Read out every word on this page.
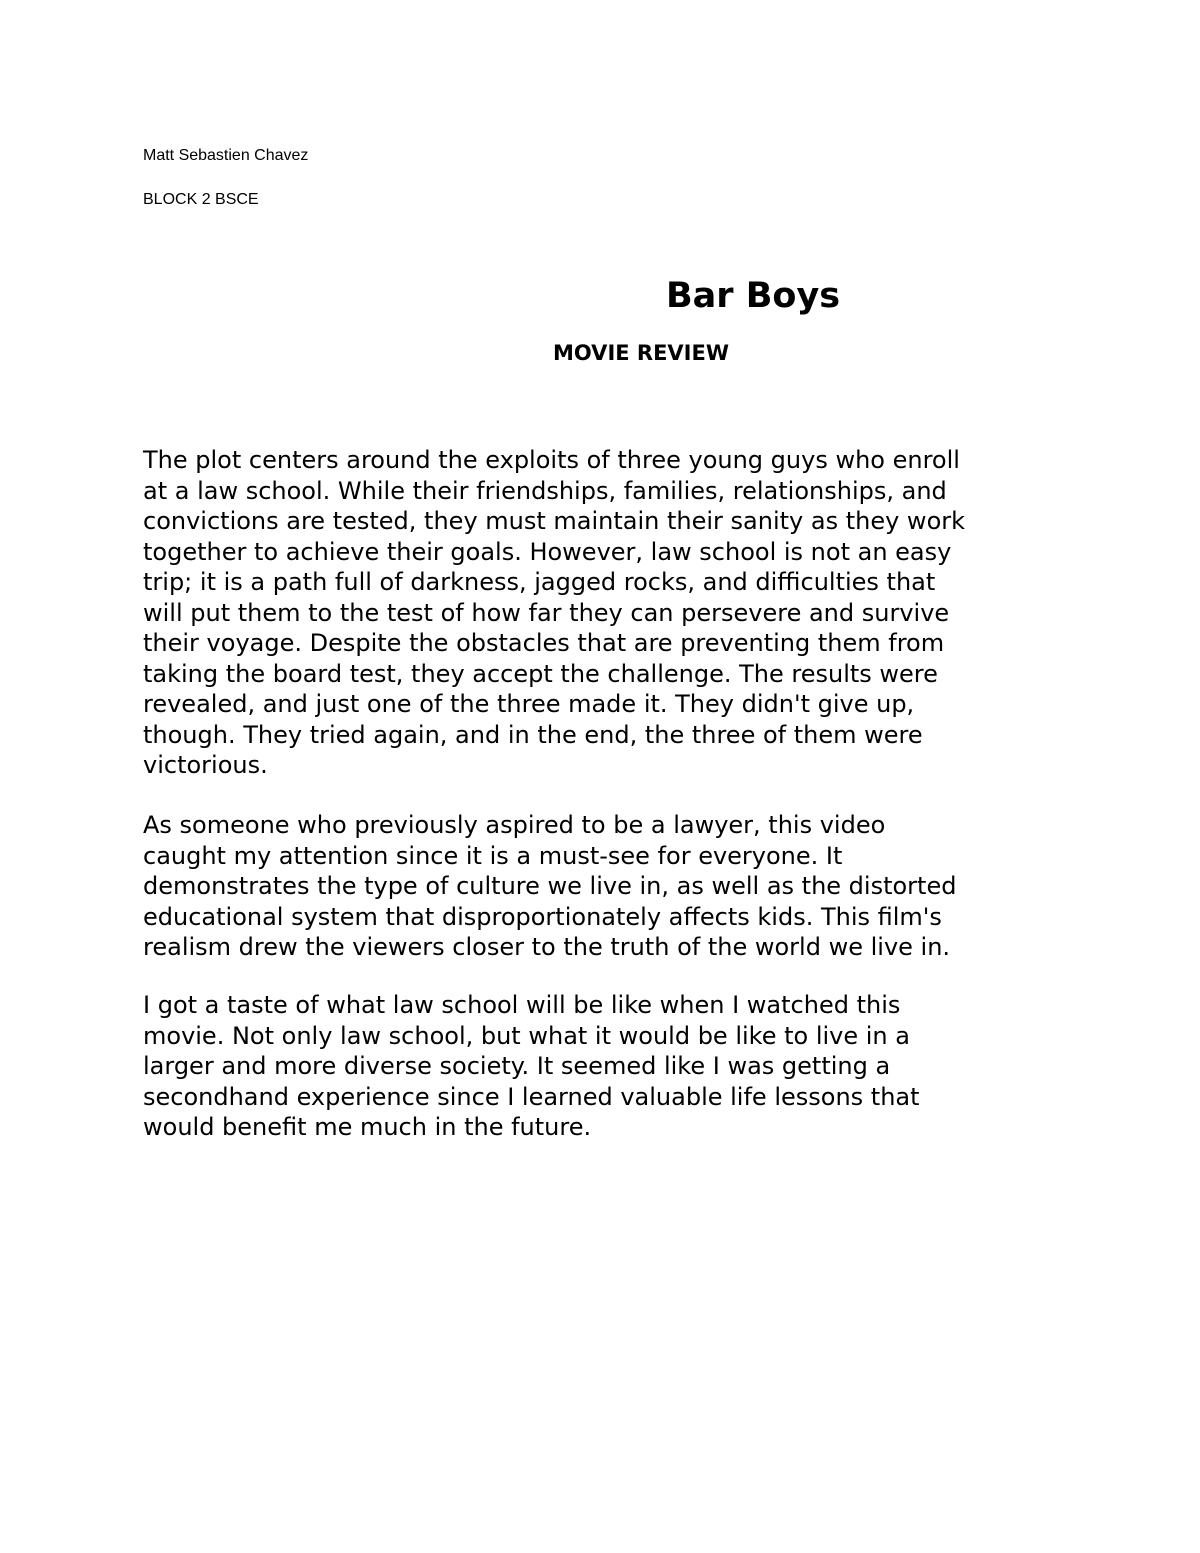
Matt Sebastien Chavez
BLOCK 2 BSCE
Bar Boys
MOVIE REVIEW
The plot centers around the exploits of three young guys who enroll
at a law school. While their friendships, families, relationships, and
convictions are tested, they must maintain their sanity as they work
together to achieve their goals. However, law school is not an easy
trip; it is a path full of darkness, jagged rocks, and difficulties that
will put them to the test of how far they can persevere and survive
their voyage. Despite the obstacles that are preventing them from
taking the board test, they accept the challenge. The results were
revealed, and just one of the three made it. They didn't give up,
though. They tried again, and in the end, the three of them were
victorious.
As someone who previously aspired to be a lawyer, this video
caught my attention since it is a must-see for everyone. It
demonstrates the type of culture we live in, as well as the distorted
educational system that disproportionately affects kids. This film's
realism drew the viewers closer to the truth of the world we live in.
I got a taste of what law school will be like when I watched this
movie. Not only law school, but what it would be like to live in a
larger and more diverse society. It seemed like I was getting a
secondhand experience since I learned valuable life lessons that
would benefit me much in the future.
